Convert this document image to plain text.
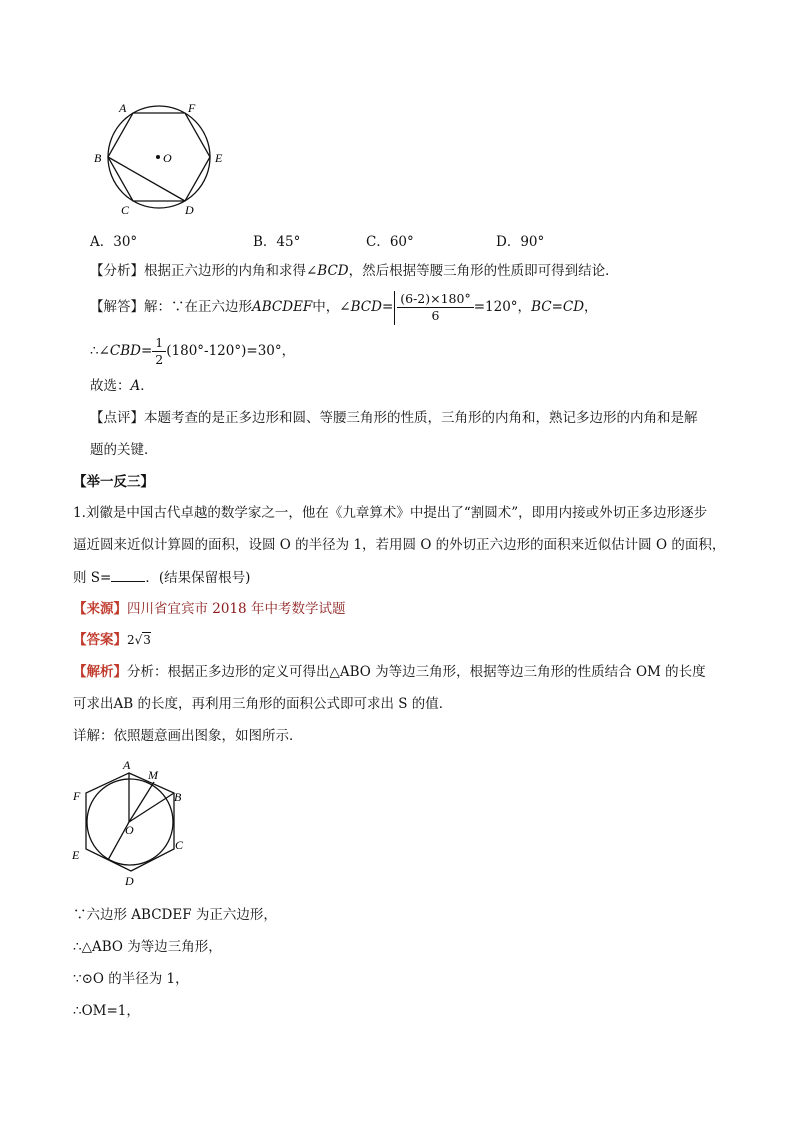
A	F
B	O	E
C	D
A．30°	B．45°	C．60°	D．90°
【分析】根据正六边形的内角和求得∠BCD，然后根据等腰三角形的性质即可得到结论．
【解答】解：∵在正六边形ABCDEF中，∠BCD= $\frac{(6-2)\times 180^\circ}{6} =120^\circ$，BC=CD，
∴∠CBD= $\frac{1}{2} (180^\circ-120^\circ)=30^\circ$，
故选：A．
【点评】本题考查的是正多边形和圆、等腰三角形的性质，三角形的内角和，熟记多边形的内角和是解
题的关键．
【举一反三】
1.刘徽是中国古代卓越的数学家之一，他在《九章算术》中提出了“割圆术”，即用内接或外切正多边形逐步
逼近圆来近似计算圆的面积，设圆 O 的半径为 1，若用圆 O 的外切正六边形的面积来近似估计圆 O 的面积，
则 S=	．(结果保留根号)
【来源】四川省宜宾市 2018 年中考数学试题
【答案】2√3
【解析】分析：根据正多边形的定义可得出△ABO 为等边三角形，根据等边三角形的性质结合 OM 的长度
可求出AB 的长度，再利用三角形的面积公式即可求出 S 的值．
详解：依照题意画出图象，如图所示．
A
M
F	B
O
E
C
D
∵六边形 ABCDEF 为正六边形，
∴△ABO 为等边三角形，
∵⊙O 的半径为 1，
∴OM=1，
